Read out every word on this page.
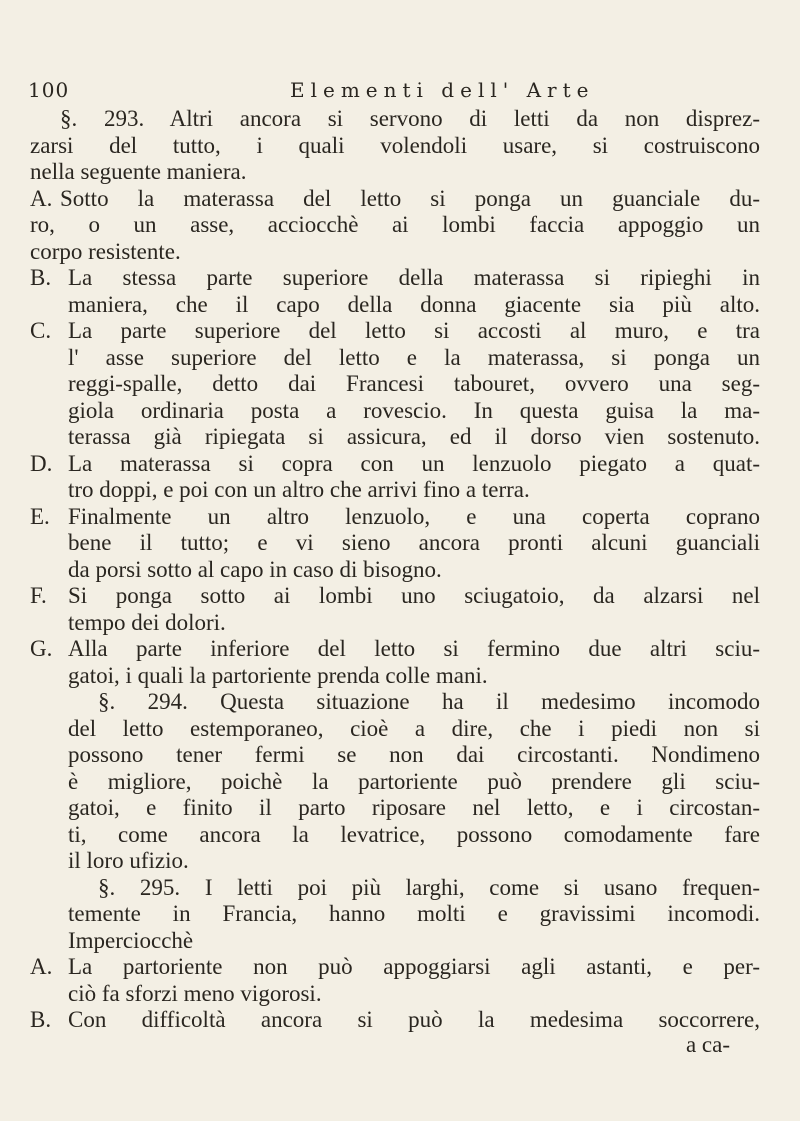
100	Elementi dell' Arte
§. 293. Altri ancora si servono di letti da non disprez-
zarsi del tutto, i quali volendoli usare, si costruiscono
nella seguente maniera.
A. Sotto la materassa del letto si ponga un guanciale du-
ro, o un asse, acciocchè ai lombi faccia appoggio un
corpo resistente.
B. La stessa parte superiore della materassa si ripieghi in
maniera, che il capo della donna giacente sia più alto.
C. La parte superiore del letto si accosti al muro, e tra
l' asse superiore del letto e la materassa, si ponga un
reggi-spalle, detto dai Francesi tabouret, ovvero una seg-
giola ordinaria posta a rovescio. In questa guisa la ma-
terassa già ripiegata si assicura, ed il dorso vien sostenuto.
D. La materassa si copra con un lenzuolo piegato a quat-
tro doppi, e poi con un altro che arrivi fino a terra.
E. Finalmente un altro lenzuolo, e una coperta coprano
bene il tutto; e vi sieno ancora pronti alcuni guanciali
da porsi sotto al capo in caso di bisogno.
F. Si ponga sotto ai lombi uno sciugatoio, da alzarsi nel
tempo dei dolori.
G. Alla parte inferiore del letto si fermino due altri sciu-
gatoi, i quali la partoriente prenda colle mani.
§. 294. Questa situazione ha il medesimo incomodo
del letto estemporaneo, cioè a dire, che i piedi non si
possono tener fermi se non dai circostanti. Nondimeno
è migliore, poichè la partoriente può prendere gli sciu-
gatoi, e finito il parto riposare nel letto, e i circostan-
ti, come ancora la levatrice, possono comodamente fare
il loro ufizio.
§. 295. I letti poi più larghi, come si usano frequen-
temente in Francia, hanno molti e gravissimi incomodi.
Imperciocchè
A. La partoriente non può appoggiarsi agli astanti, e per-
ciò fa sforzi meno vigorosi.
B. Con difficoltà ancora si può la medesima soccorrere,
a ca-
